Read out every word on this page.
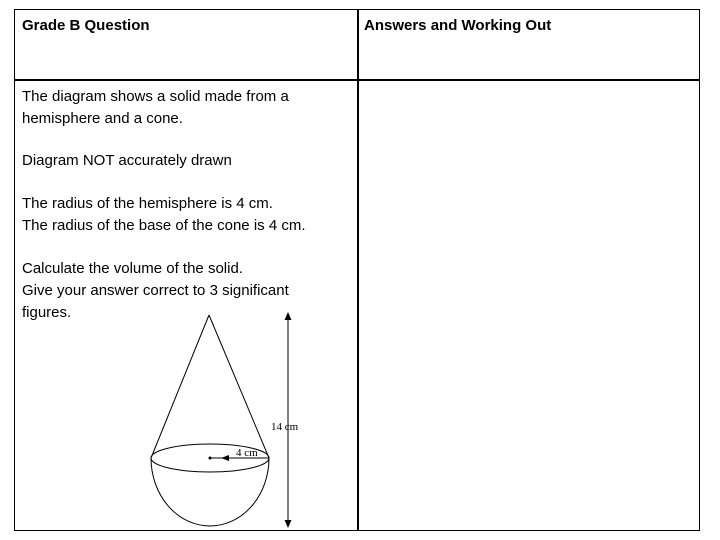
Grade B Question	Answers and Working Out
The diagram shows a solid made from a
hemisphere and a cone.
Diagram NOT accurately drawn
The radius of the hemisphere is 4 cm.
The radius of the base of the cone is 4 cm.
Calculate the volume of the solid.
Give your answer correct to 3 significant
figures.
4 cm
14 cm
